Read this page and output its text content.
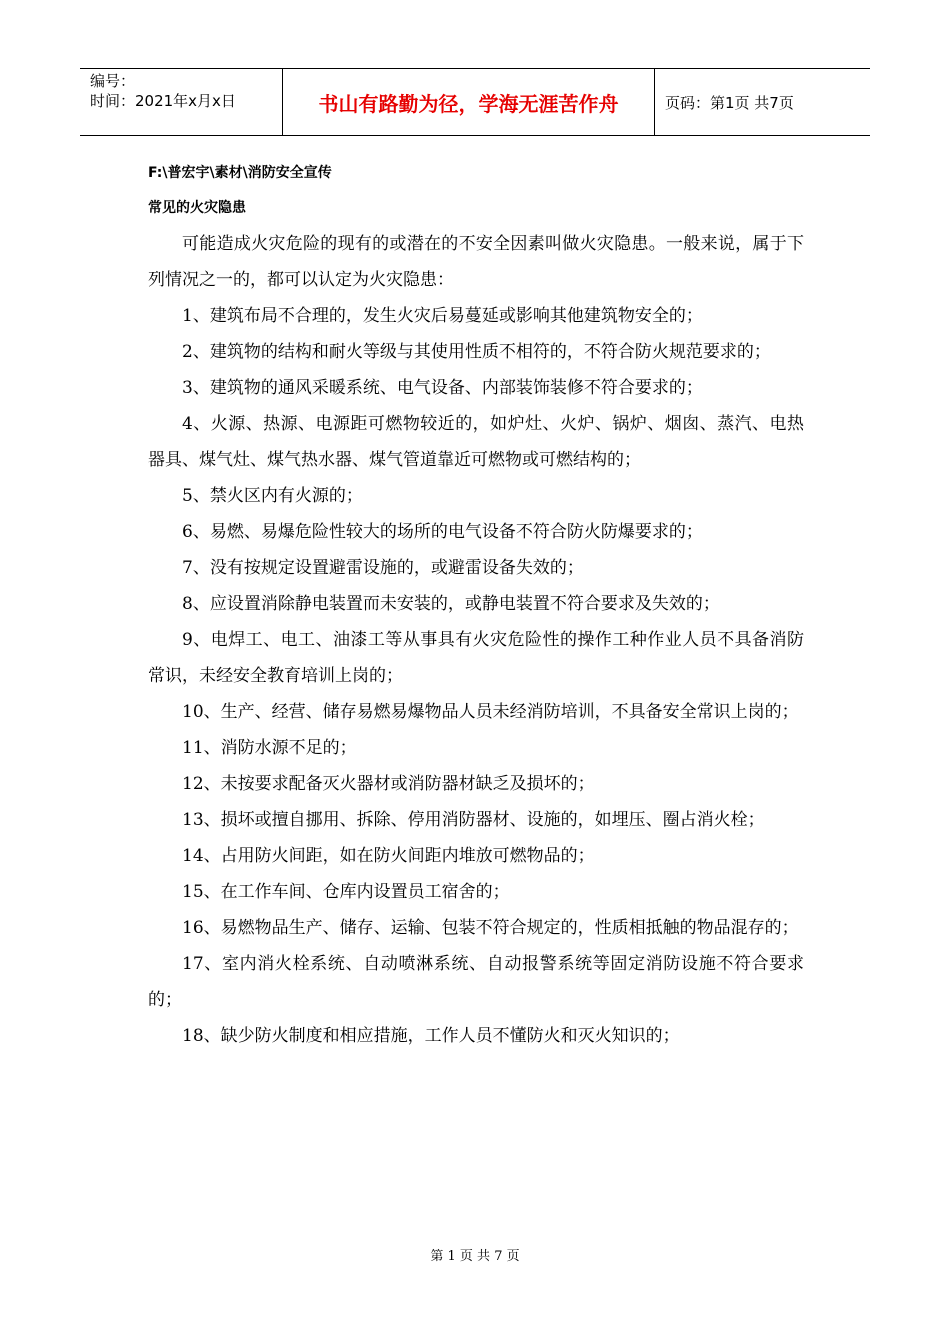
编号：
时间：2021年x月x日	书山有路勤为径，学海无涯苦作舟	页码：第1页 共7页
F:\普宏宇\素材\消防安全宣传
常见的火灾隐患

可能造成火灾危险的现有的或潜在的不安全因素叫做火灾隐患。一般来说，属于下列情况之一的，都可以认定为火灾隐患：

1、建筑布局不合理的，发生火灾后易蔓延或影响其他建筑物安全的；

2、建筑物的结构和耐火等级与其使用性质不相符的，不符合防火规范要求的；

3、建筑物的通风采暖系统、电气设备、内部装饰装修不符合要求的；

4、火源、热源、电源距可燃物较近的，如炉灶、火炉、锅炉、烟囱、蒸汽、电热器具、煤气灶、煤气热水器、煤气管道靠近可燃物或可燃结构的；

5、禁火区内有火源的；

6、易燃、易爆危险性较大的场所的电气设备不符合防火防爆要求的；

7、没有按规定设置避雷设施的，或避雷设备失效的；

8、应设置消除静电装置而未安装的，或静电装置不符合要求及失效的；

9、电焊工、电工、油漆工等从事具有火灾危险性的操作工种作业人员不具备消防常识，未经安全教育培训上岗的；

10、生产、经营、储存易燃易爆物品人员未经消防培训，不具备安全常识上岗的；

11、消防水源不足的；

12、未按要求配备灭火器材或消防器材缺乏及损坏的；

13、损坏或擅自挪用、拆除、停用消防器材、设施的，如埋压、圈占消火栓；

14、占用防火间距，如在防火间距内堆放可燃物品的；

15、在工作车间、仓库内设置员工宿舍的；

16、易燃物品生产、储存、运输、包装不符合规定的，性质相抵触的物品混存的；

17、室内消火栓系统、自动喷淋系统、自动报警系统等固定消防设施不符合要求的；

18、缺少防火制度和相应措施，工作人员不懂防火和灭火知识的；

第 1 页 共 7 页
